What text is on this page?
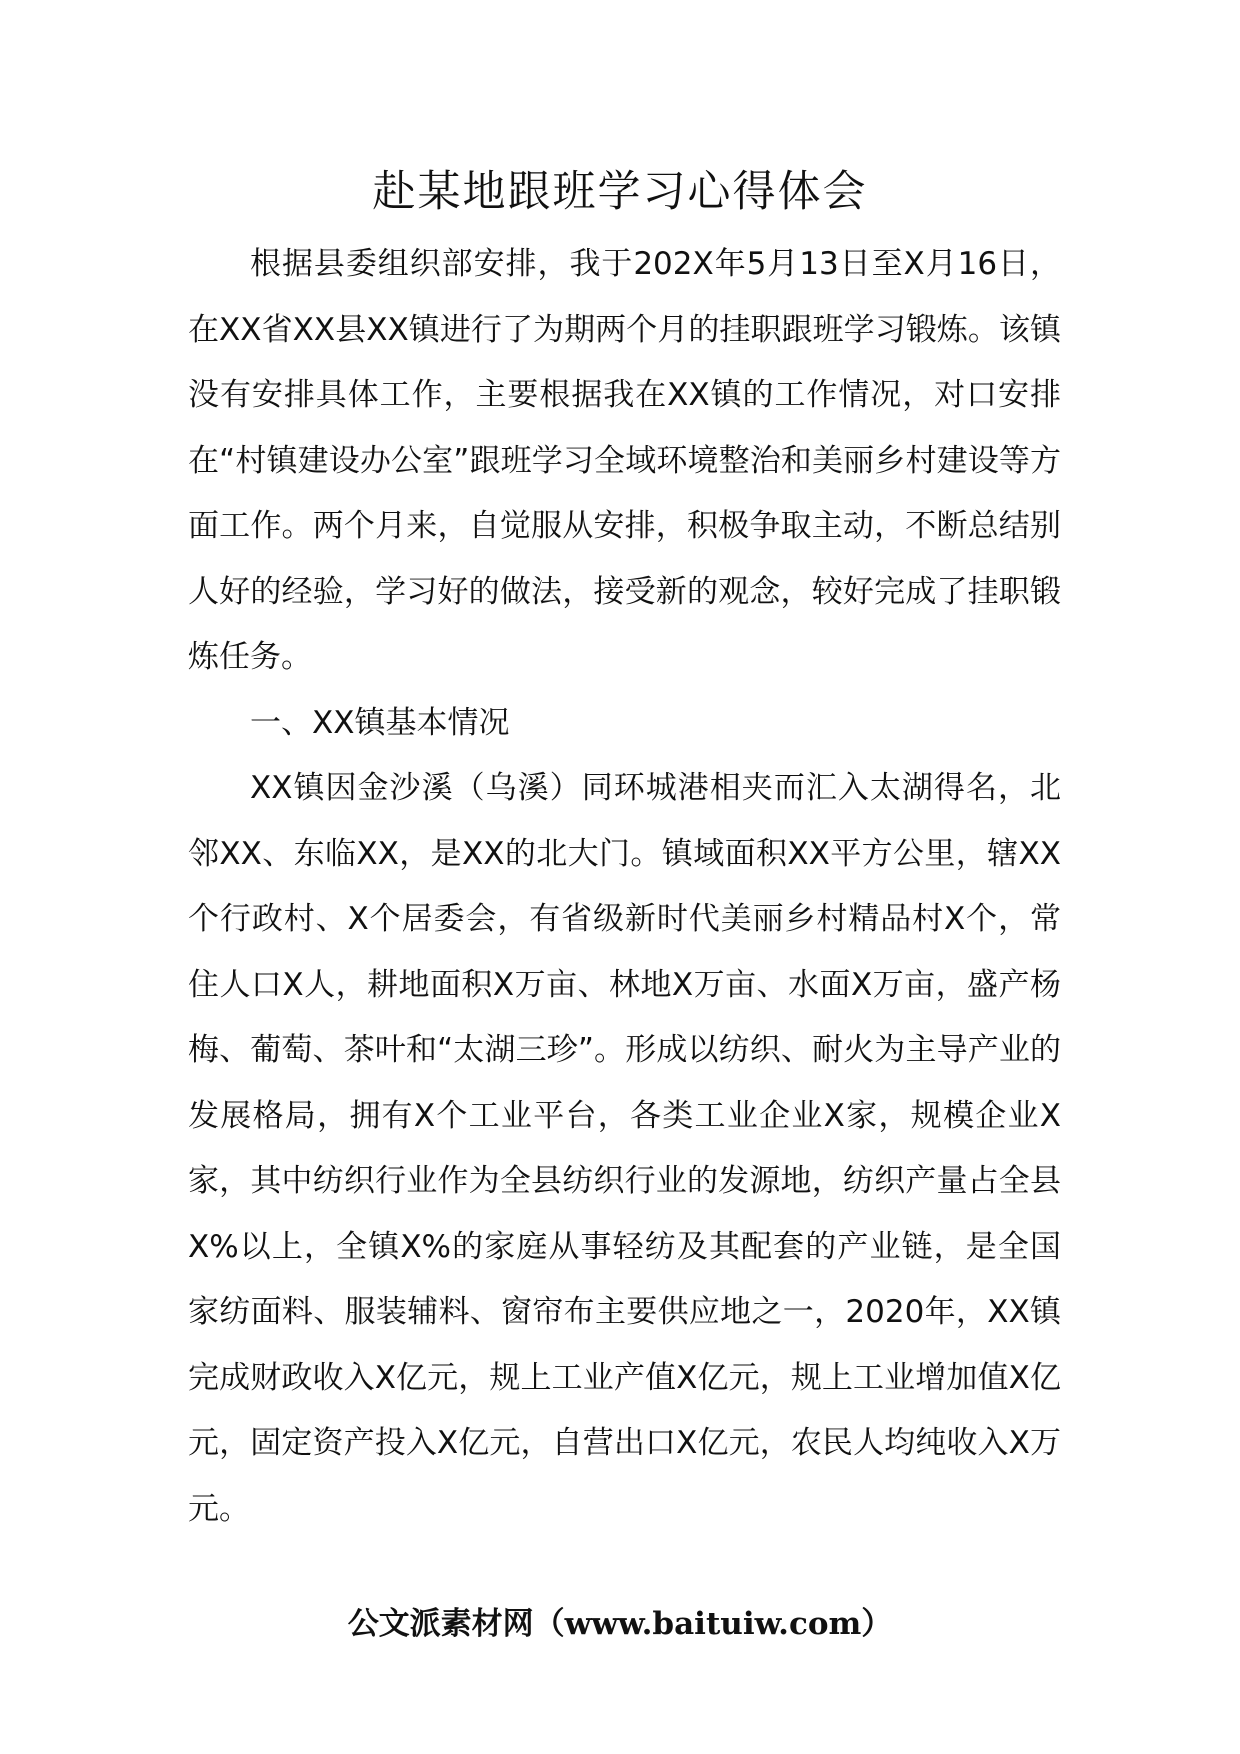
赴某地跟班学习心得体会

根据县委组织部安排，我于202X年5月13日至X月16日，在XX省XX县XX镇进行了为期两个月的挂职跟班学习锻炼。该镇没有安排具体工作，主要根据我在XX镇的工作情况，对口安排在“村镇建设办公室”跟班学习全域环境整治和美丽乡村建设等方面工作。两个月来，自觉服从安排，积极争取主动，不断总结别人好的经验，学习好的做法，接受新的观念，较好完成了挂职锻炼任务。

一、XX镇基本情况

XX镇因金沙溪（乌溪）同环城港相夹而汇入太湖得名，北邻XX、东临XX，是XX的北大门。镇域面积XX平方公里，辖XX个行政村、X个居委会，有省级新时代美丽乡村精品村X个，常住人口X人，耕地面积X万亩、林地X万亩、水面X万亩，盛产杨梅、葡萄、茶叶和“太湖三珍”。形成以纺织、耐火为主导产业的发展格局，拥有X个工业平台，各类工业企业X家，规模企业X家，其中纺织行业作为全县纺织行业的发源地，纺织产量占全县X%以上，全镇X%的家庭从事轻纺及其配套的产业链，是全国家纺面料、服装辅料、窗帘布主要供应地之一，2020年，XX镇完成财政收入X亿元，规上工业产值X亿元，规上工业增加值X亿元，固定资产投入X亿元，自营出口X亿元，农民人均纯收入X万元。

公文派素材网（www.baituiw.com）
